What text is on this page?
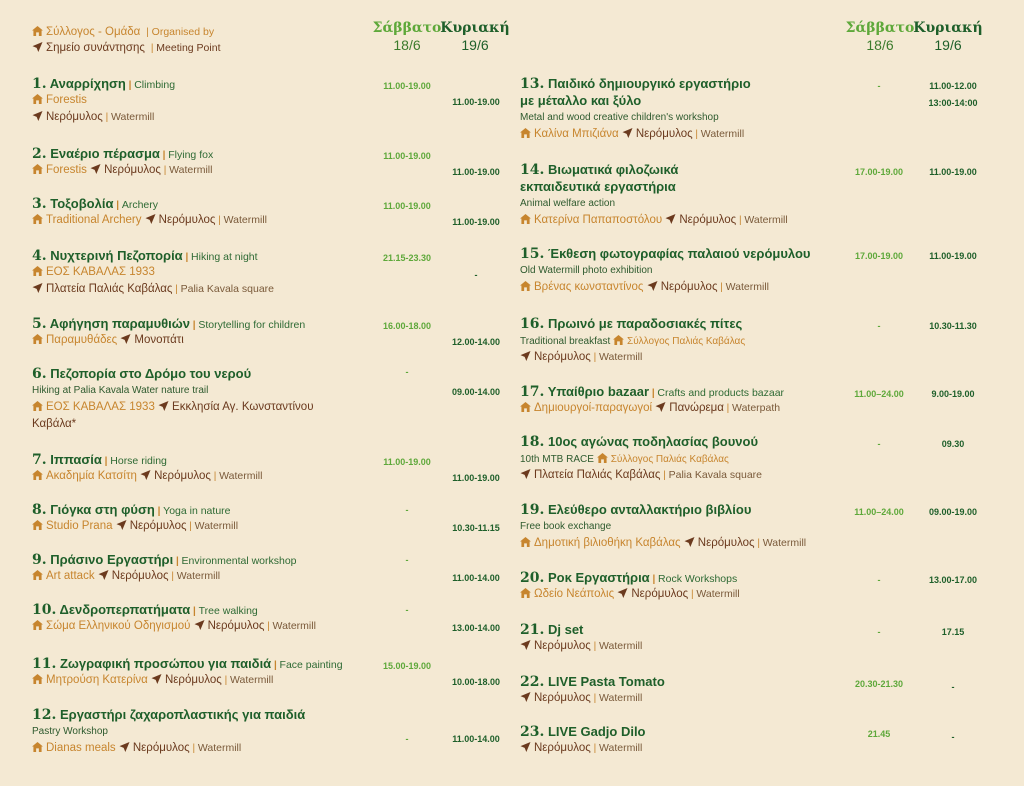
Σύλλογος - Ομάδα  | Organised by
Σημείο συνάντησης  | Meeting Point
Σάββατο
18/6
Κυριακή
19/6
Σάββατο
18/6
Κυριακή
19/6
1. Αναρρίχηση | Climbing
Forestis
Νερόμυλος | Watermill
11.00-19.00
11.00-19.00
2. Εναέριο πέρασμα | Flying fox
Forestis Νερόμυλος | Watermill
11.00-19.00
11.00-19.00
3. Τοξοβολία | Archery
Traditional Archery Νερόμυλος | Watermill
11.00-19.00
11.00-19.00
4. Νυχτερινή Πεζοπορία | Hiking at night
ΕΟΣ ΚΑΒΑΛΑΣ 1933
Πλατεία Παλιάς Καβάλας | Palia Kavala square
21.15-23.30
-
5. Αφήγηση παραμυθιών | Storytelling for children
Παραμυθάδες Μονοπάτι
16.00-18.00
12.00-14.00
6. Πεζοπορία στο Δρόμο του νερού
Hiking at Palia Kavala Water nature trail
ΕΟΣ ΚΑΒΑΛΑΣ 1933 Εκκλησία Αγ. Κωνσταντίνου
Καβάλα*
-
09.00-14.00
7. Ιππασία | Horse riding
Ακαδημία Κατσίτη Νερόμυλος | Watermill
11.00-19.00
11.00-19.00
8. Γιόγκα στη φύση | Yoga in nature
Studio Prana Νερόμυλος | Watermill
-
10.30-11.15
9. Πράσινο Εργαστήρι | Environmental workshop
Art attack Νερόμυλος | Watermill
-
11.00-14.00
10. Δενδροπερπατήματα | Tree walking
Σώμα Ελληνικού Οδηγισμού Νερόμυλος | Watermill
-
13.00-14.00
11. Ζωγραφική προσώπου για παιδιά | Face painting
Μητρούση Κατερίνα Νερόμυλος | Watermill
15.00-19.00
10.00-18.00
12. Εργαστήρι ζαχαροπλαστικής για παιδιά
Pastry Workshop
Dianas meals Νερόμυλος | Watermill
-	11.00-14.00
13. Παιδικό δημιουργικό εργαστήριο
με μέταλλο και ξύλο
Metal and wood creative children's workshop
Καλίνα Μπιζιάνα Νερόμυλος | Watermill
-	11.00-12.00
13:00-14:00
14. Βιωματικά φιλοζωικά
εκπαιδευτικά εργαστήρια
Animal welfare action
Κατερίνα Παπαποστόλου Νερόμυλος | Watermill
17.00-19.00	11.00-19.00
15. Έκθεση φωτογραφίας παλαιού νερόμυλου
Old Watermill photo exhibition
Βρένας κωνσταντίνος Νερόμυλος | Watermill
17.00-19.00	11.00-19.00
16. Πρωινό με παραδοσιακές πίτες
Traditional breakfast Σύλλογος Παλιάς Καβάλας
Νερόμυλος | Watermill
-	10.30-11.30
17. Υπαίθριο bazaar | Crafts and products bazaar
Δημιουργοί-παραγωγοί Πανώρεμα | Waterpath
11.00–24.00	9.00-19.00
18. 10ος αγώνας ποδηλασίας βουνού
10th MTB RACE Σύλλογος Παλιάς Καβάλας
Πλατεία Παλιάς Καβάλας | Palia Kavala square
-	09.30
19. Ελεύθερο ανταλλακτήριο βιβλίου
Free book exchange
Δημοτική βιλιοθήκη Καβάλας Νερόμυλος | Watermill
11.00–24.00	09.00-19.00
20. Ροκ Εργαστήρια | Rock Workshops
Ωδείο Νεάπολις Νερόμυλος | Watermill
-	13.00-17.00
21. Dj set
Νερόμυλος | Watermill
-	17.15
22. LIVE Pasta Tomato
Νερόμυλος | Watermill
20.30-21.30	-
23. LIVE Gadjo Dilo
Νερόμυλος | Watermill
21.45	-
